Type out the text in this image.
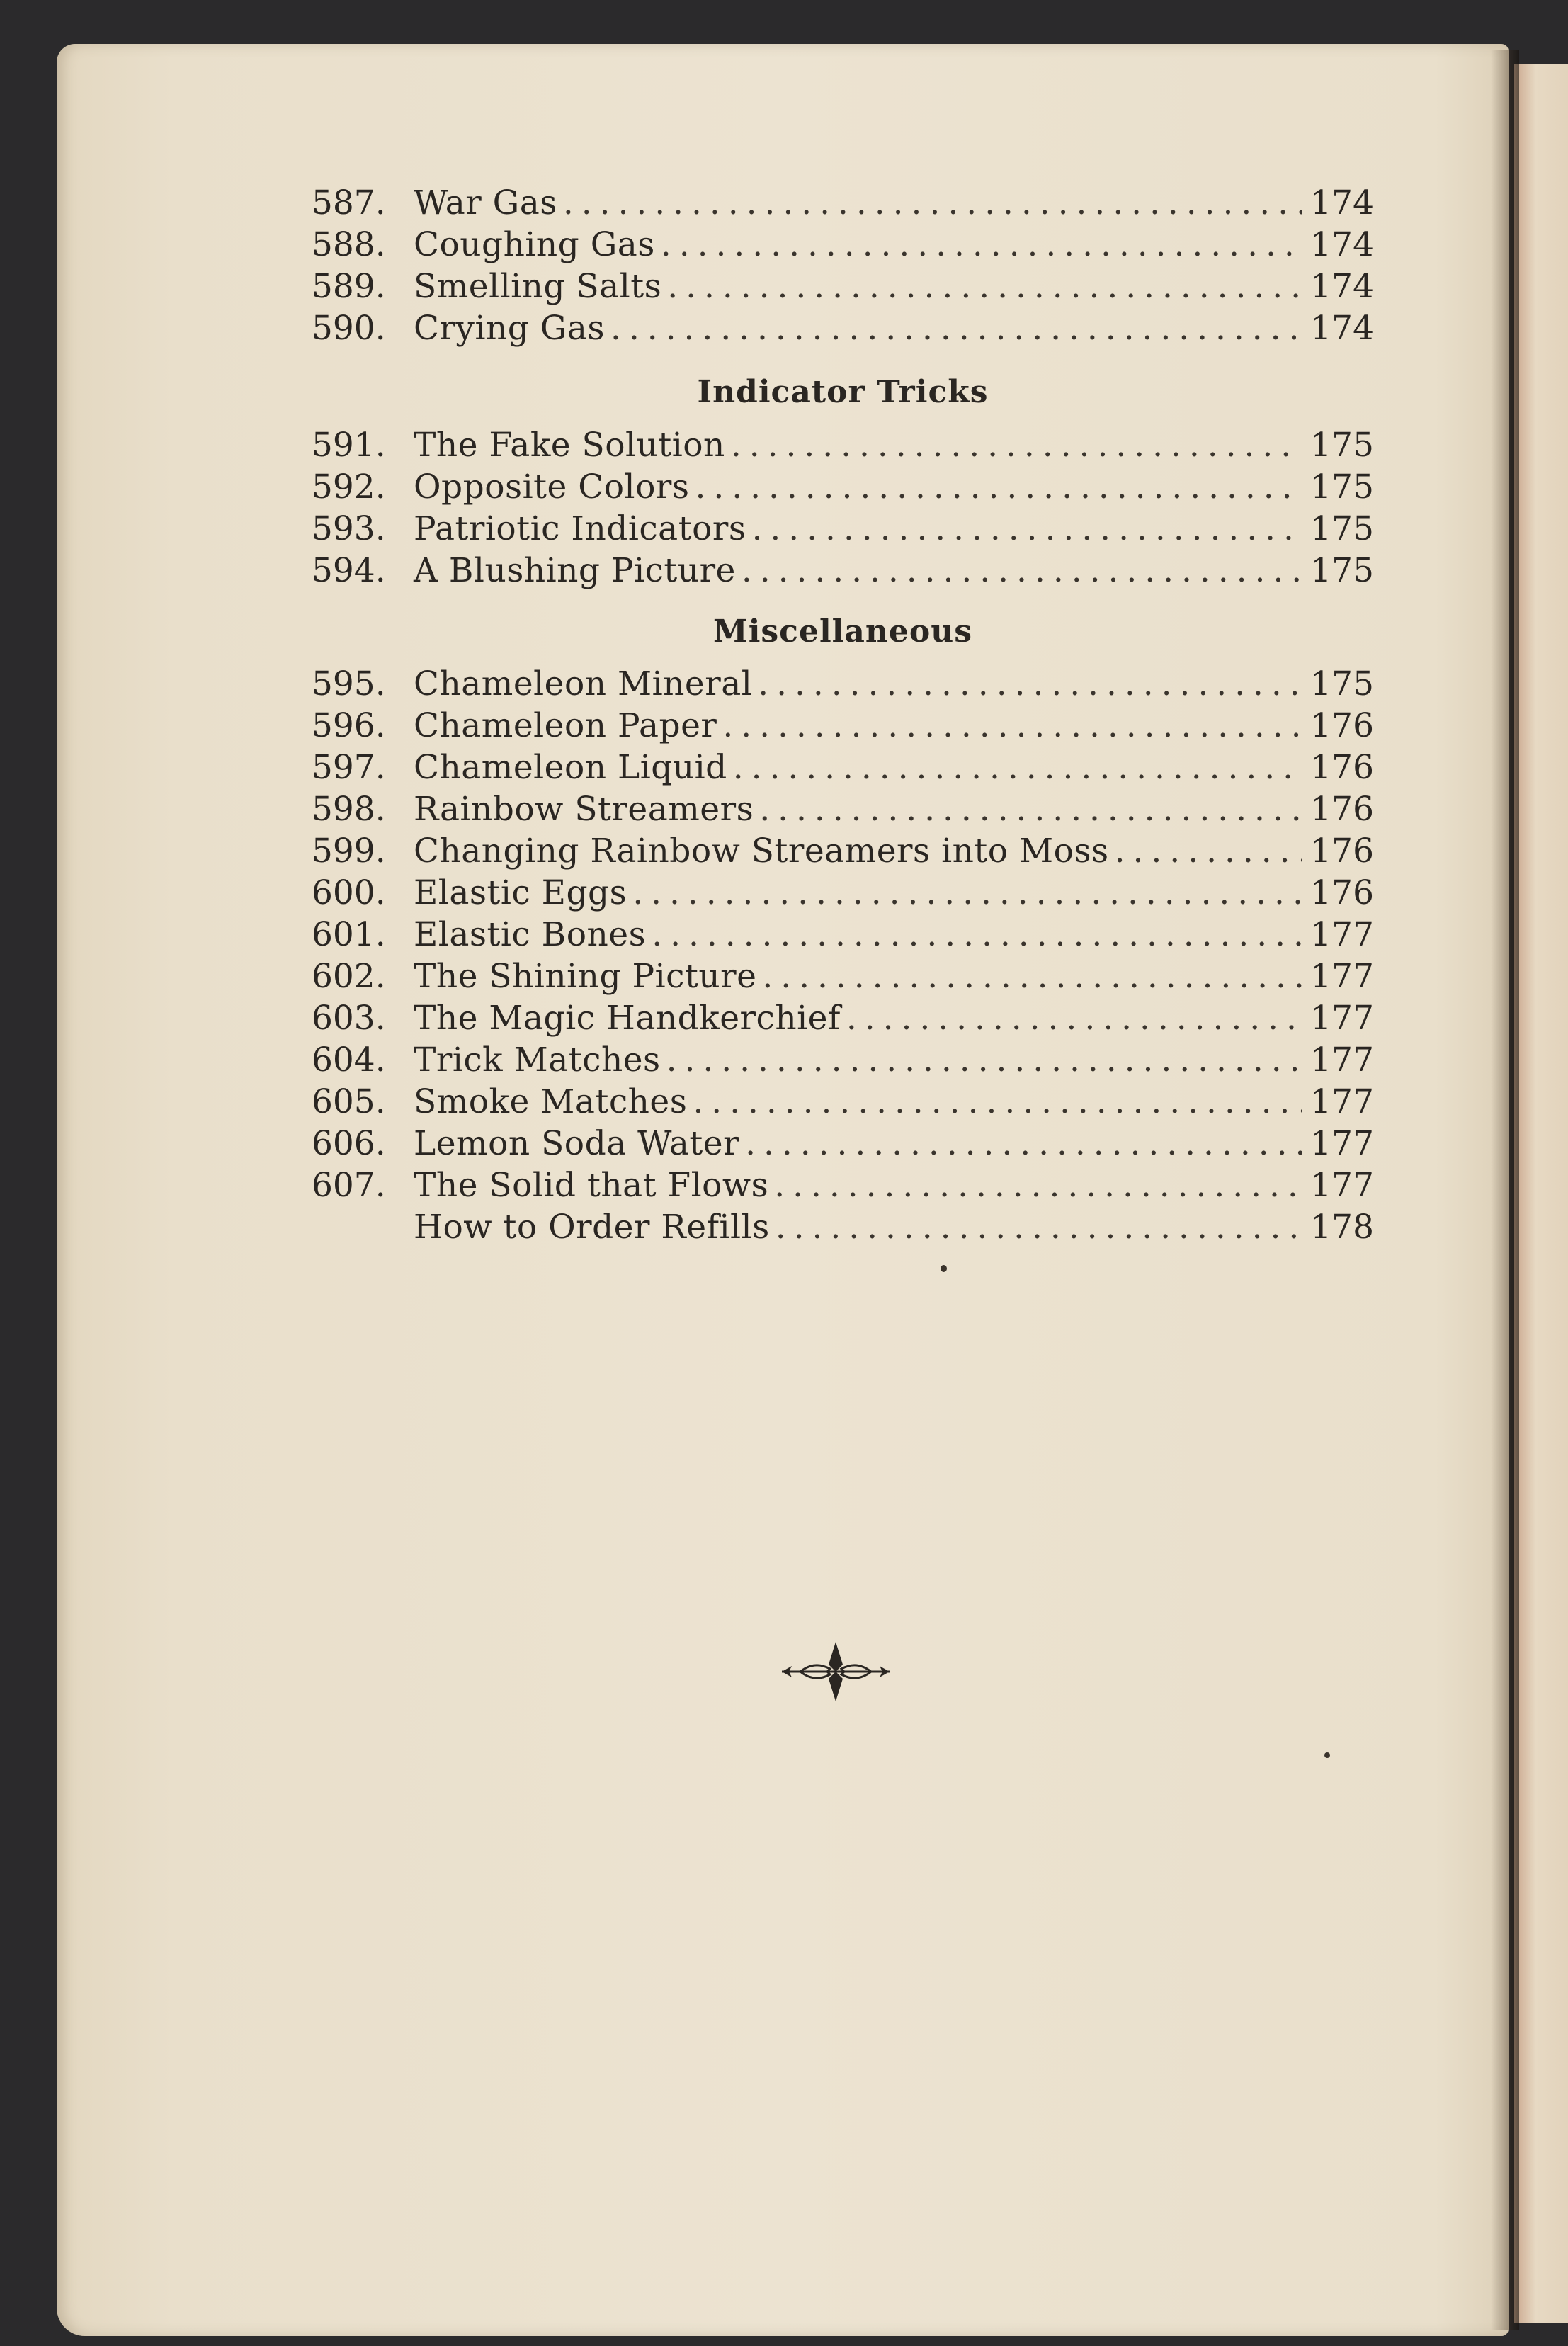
587. War Gas . . .	174
588. Coughing Gas . . .	174
589. Smelling Salts . . .	174
590. Crying Gas . . .	174
Indicator Tricks
591. The Fake Solution . . .	175
592. Opposite Colors . . .	175
593. Patriotic Indicators . . .	175
594. A Blushing Picture . . .	175
Miscellaneous
595. Chameleon Mineral . . .	175
596. Chameleon Paper . . .	176
597. Chameleon Liquid . . .	176
598. Rainbow Streamers . . .	176
599. Changing Rainbow Streamers into Moss . . .	176
600. Elastic Eggs . . .	176
601. Elastic Bones . . .	177
602. The Shining Picture . . .	177
603. The Magic Handkerchief . . .	177
604. Trick Matches . . .	177
605. Smoke Matches . . .	177
606. Lemon Soda Water . . .	177
607. The Solid that Flows . . .	177
How to Order Refills . . .	178
